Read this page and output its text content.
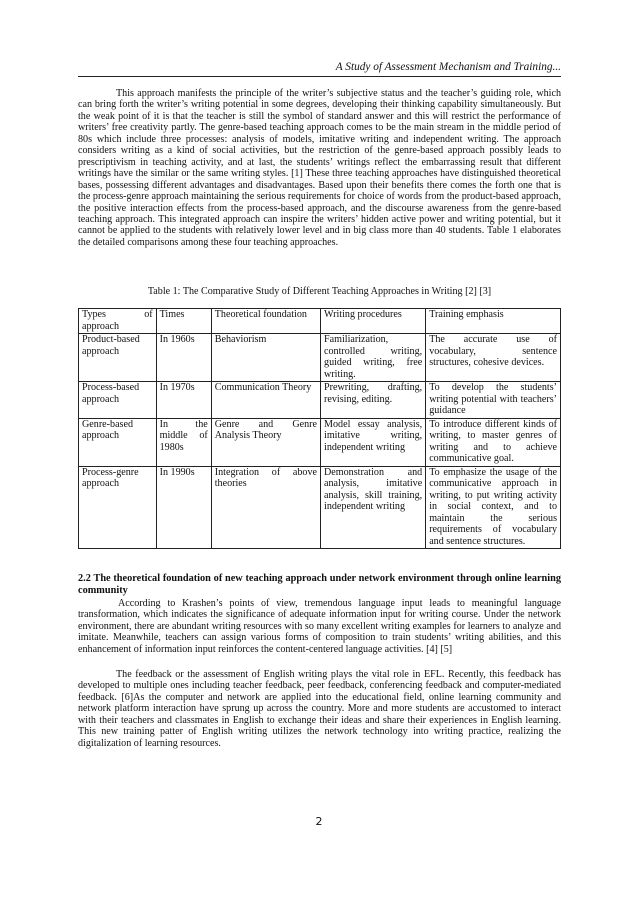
A Study of Assessment Mechanism and Training...

This approach manifests the principle of the writer’s subjective status and the teacher’s guiding role, which can bring forth the writer’s writing potential in some degrees, developing their thinking capability simultaneously. But the weak point of it is that the teacher is still the symbol of standard answer and this will restrict the performance of writers’ free creativity partly. The genre-based teaching approach comes to be the main stream in the middle period of 80s which include three processes: analysis of models, imitative writing and independent writing. The approach considers writing as a kind of social activities, but the restriction of the genre-based approach possibly leads to prescriptivism in teaching activity, and at last, the students’ writings reflect the embarrassing result that different writings have the similar or the same writing styles. [1] These three teaching approaches have distinguished theoretical bases, possessing different advantages and disadvantages. Based upon their benefits there comes the forth one that is the process-genre approach maintaining the serious requirements for choice of words from the product-based approach, the positive interaction effects from the process-based approach, and the discourse awareness from the genre-based teaching approach. This integrated approach can inspire the writers’ hidden active power and writing potential, but it cannot be applied to the students with relatively lower level and in big class more than 40 students. Table 1 elaborates the detailed comparisons among these four teaching approaches.

Table 1: The Comparative Study of Different Teaching Approaches in Writing [2] [3]

Types of approach	Times	Theoretical foundation	Writing procedures	Training emphasis
Product-based approach	In 1960s	Behaviorism	Familiarization, controlled writing, guided writing, free writing.	The accurate use of vocabulary, sentence structures, cohesive devices.
Process-based approach	In 1970s	Communication Theory	Prewriting, drafting, revising, editing.	To develop the students’ writing potential with teachers’ guidance
Genre-based approach	In the middle of 1980s	Genre and Genre Analysis Theory	Model essay analysis, imitative writing, independent writing	To introduce different kinds of writing, to master genres of writing and to achieve communicative goal.
Process-genre approach	In 1990s	Integration of above theories	Demonstration and analysis, imitative analysis, skill training, independent writing	To emphasize the usage of the communicative approach in writing, to put writing activity in social context, and to maintain the serious requirements of vocabulary and sentence structures.

2.2 The theoretical foundation of new teaching approach under network environment through online learning community

According to Krashen’s points of view, tremendous language input leads to meaningful language transformation, which indicates the significance of adequate information input for writing course. Under the network environment, there are abundant writing resources with so many excellent writing examples for learners to analyze and imitate. Meanwhile, teachers can assign various forms of composition to train students’ writing abilities, and this enhancement of information input reinforces the content-centered language activities. [4] [5]

The feedback or the assessment of English writing plays the vital role in EFL. Recently, this feedback has developed to multiple ones including teacher feedback, peer feedback, conferencing feedback and computer-mediated feedback. [6]As the computer and network are applied into the educational field, online learning community and network platform interaction have sprung up across the country. More and more students are accustomed to interact with their teachers and classmates in English to exchange their ideas and share their experiences in English learning. This new training patter of English writing utilizes the network technology into writing practice, realizing the digitalization of learning resources.

2
